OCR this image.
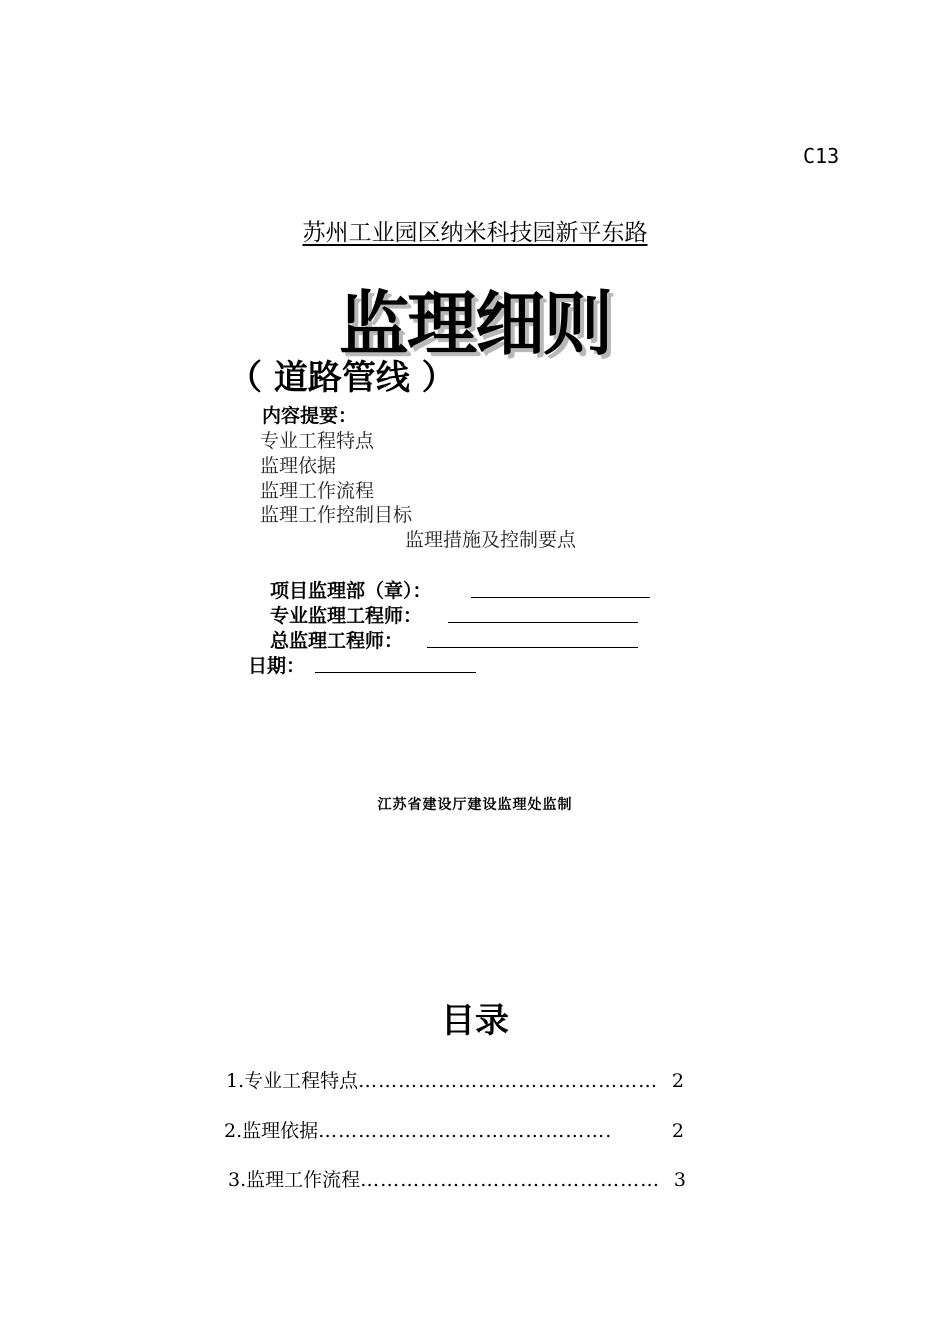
C13
苏州工业园区纳米科技园新平东路
监理细则
（ 道路管线 ）
内容提要：
专业工程特点
监理依据
监理工作流程
监理工作控制目标
监理措施及控制要点
项目监理部（章）：
专业监理工程师：
总监理工程师：
日期：
江苏省建设厅建设监理处监制
目录
1. 专业工程特点 ……………………………………… 2
2. 监理依据 …………………….……………….	2
3. 监理工作流程 ……………………………………… 3
